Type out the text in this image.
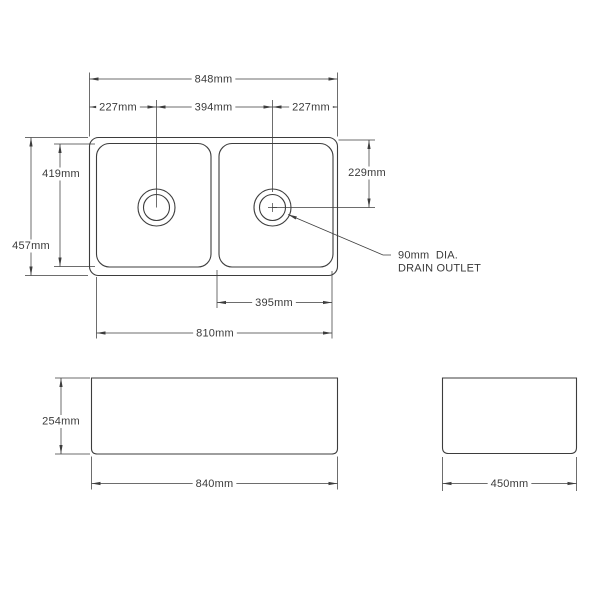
848mm
227mm	394mm	227mm
419mm
457mm
229mm
395mm
810mm
254mm
840mm	450mm
90mm  DIA.
DRAIN OUTLET
